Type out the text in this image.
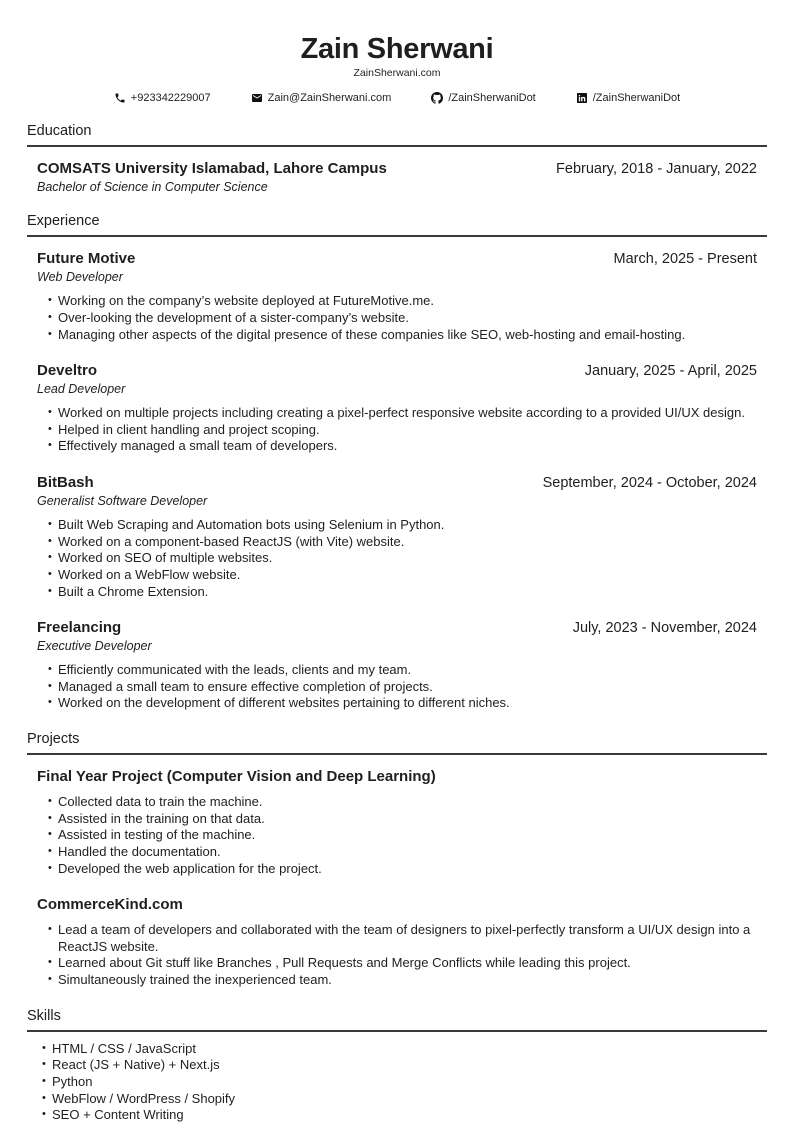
Zain Sherwani
ZainSherwani.com
+923342229007	Zain@ZainSherwani.com	/ZainSherwaniDot	/ZainSherwaniDot
Education
COMSATS University Islamabad, Lahore Campus	February, 2018 - January, 2022
Bachelor of Science in Computer Science
Experience
Future Motive	March, 2025 - Present
Web Developer
• Working on the company’s website deployed at FutureMotive.me.
• Over-looking the development of a sister-company’s website.
• Managing other aspects of the digital presence of these companies like SEO, web-hosting and email-hosting.
Develtro	January, 2025 - April, 2025
Lead Developer
• Worked on multiple projects including creating a pixel-perfect responsive website according to a provided UI/UX design.
• Helped in client handling and project scoping.
• Effectively managed a small team of developers.
BitBash	September, 2024 - October, 2024
Generalist Software Developer
• Built Web Scraping and Automation bots using Selenium in Python.
• Worked on a component-based ReactJS (with Vite) website.
• Worked on SEO of multiple websites.
• Worked on a WebFlow website.
• Built a Chrome Extension.
Freelancing	July, 2023 - November, 2024
Executive Developer
• Efficiently communicated with the leads, clients and my team.
• Managed a small team to ensure effective completion of projects.
• Worked on the development of different websites pertaining to different niches.
Projects
Final Year Project (Computer Vision and Deep Learning)
• Collected data to train the machine.
• Assisted in the training on that data.
• Assisted in testing of the machine.
• Handled the documentation.
• Developed the web application for the project.
CommerceKind.com
• Lead a team of developers and collaborated with the team of designers to pixel-perfectly transform a UI/UX design into a ReactJS website.
• Learned about Git stuff like Branches , Pull Requests and Merge Conflicts while leading this project.
• Simultaneously trained the inexperienced team.
Skills
• HTML / CSS / JavaScript
• React (JS + Native) + Next.js
• Python
• WebFlow / WordPress / Shopify
• SEO + Content Writing
